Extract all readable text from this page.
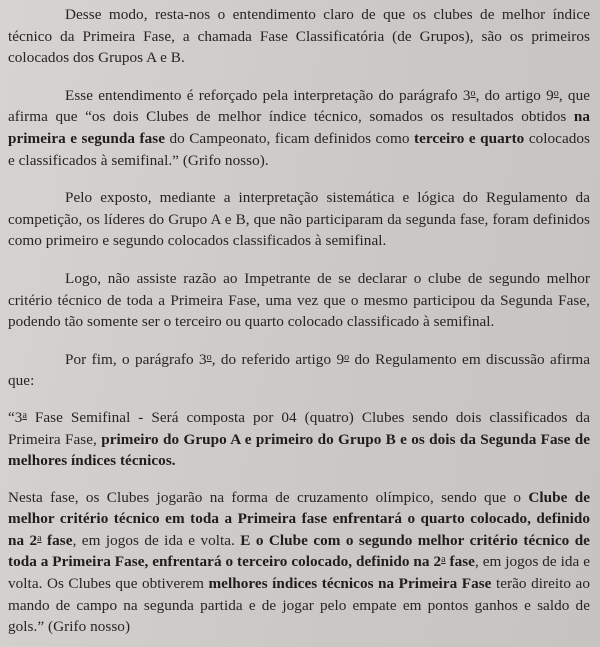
Desse modo, resta-nos o entendimento claro de que os clubes de melhor índice técnico da Primeira Fase, a chamada Fase Classificatória (de Grupos), são os primeiros colocados dos Grupos A e B.

Esse entendimento é reforçado pela interpretação do parágrafo 3$^o$, do artigo 9$^o$, que afirma que “os dois Clubes de melhor índice técnico, somados os resultados obtidos na primeira e segunda fase do Campeonato, ficam definidos como terceiro e quarto colocados e classificados à semifinal.” (Grifo nosso).

Pelo exposto, mediante a interpretação sistemática e lógica do Regulamento da competição, os líderes do Grupo A e B, que não participaram da segunda fase, foram definidos como primeiro e segundo colocados classificados à semifinal.

Logo, não assiste razão ao Impetrante de se declarar o clube de segundo melhor critério técnico de toda a Primeira Fase, uma vez que o mesmo participou da Segunda Fase, podendo tão somente ser o terceiro ou quarto colocado classificado à semifinal.

Por fim, o parágrafo 3$^o$, do referido artigo 9$^o$ do Regulamento em discussão afirma que:

“3$^a$ Fase Semifinal - Será composta por 04 (quatro) Clubes sendo dois classificados da Primeira Fase, primeiro do Grupo A e primeiro do Grupo B e os dois da Segunda Fase de melhores índices técnicos.

Nesta fase, os Clubes jogarão na forma de cruzamento olímpico, sendo que o Clube de melhor critério técnico em toda a Primeira fase enfrentará o quarto colocado, definido na 2$^a$ fase, em jogos de ida e volta. E o Clube com o segundo melhor critério técnico de toda a Primeira Fase, enfrentará o terceiro colocado, definido na 2$^a$ fase, em jogos de ida e volta. Os Clubes que obtiverem melhores índices técnicos na Primeira Fase terão direito ao mando de campo na segunda partida e de jogar pelo empate em pontos ganhos e saldo de gols.” (Grifo nosso)
